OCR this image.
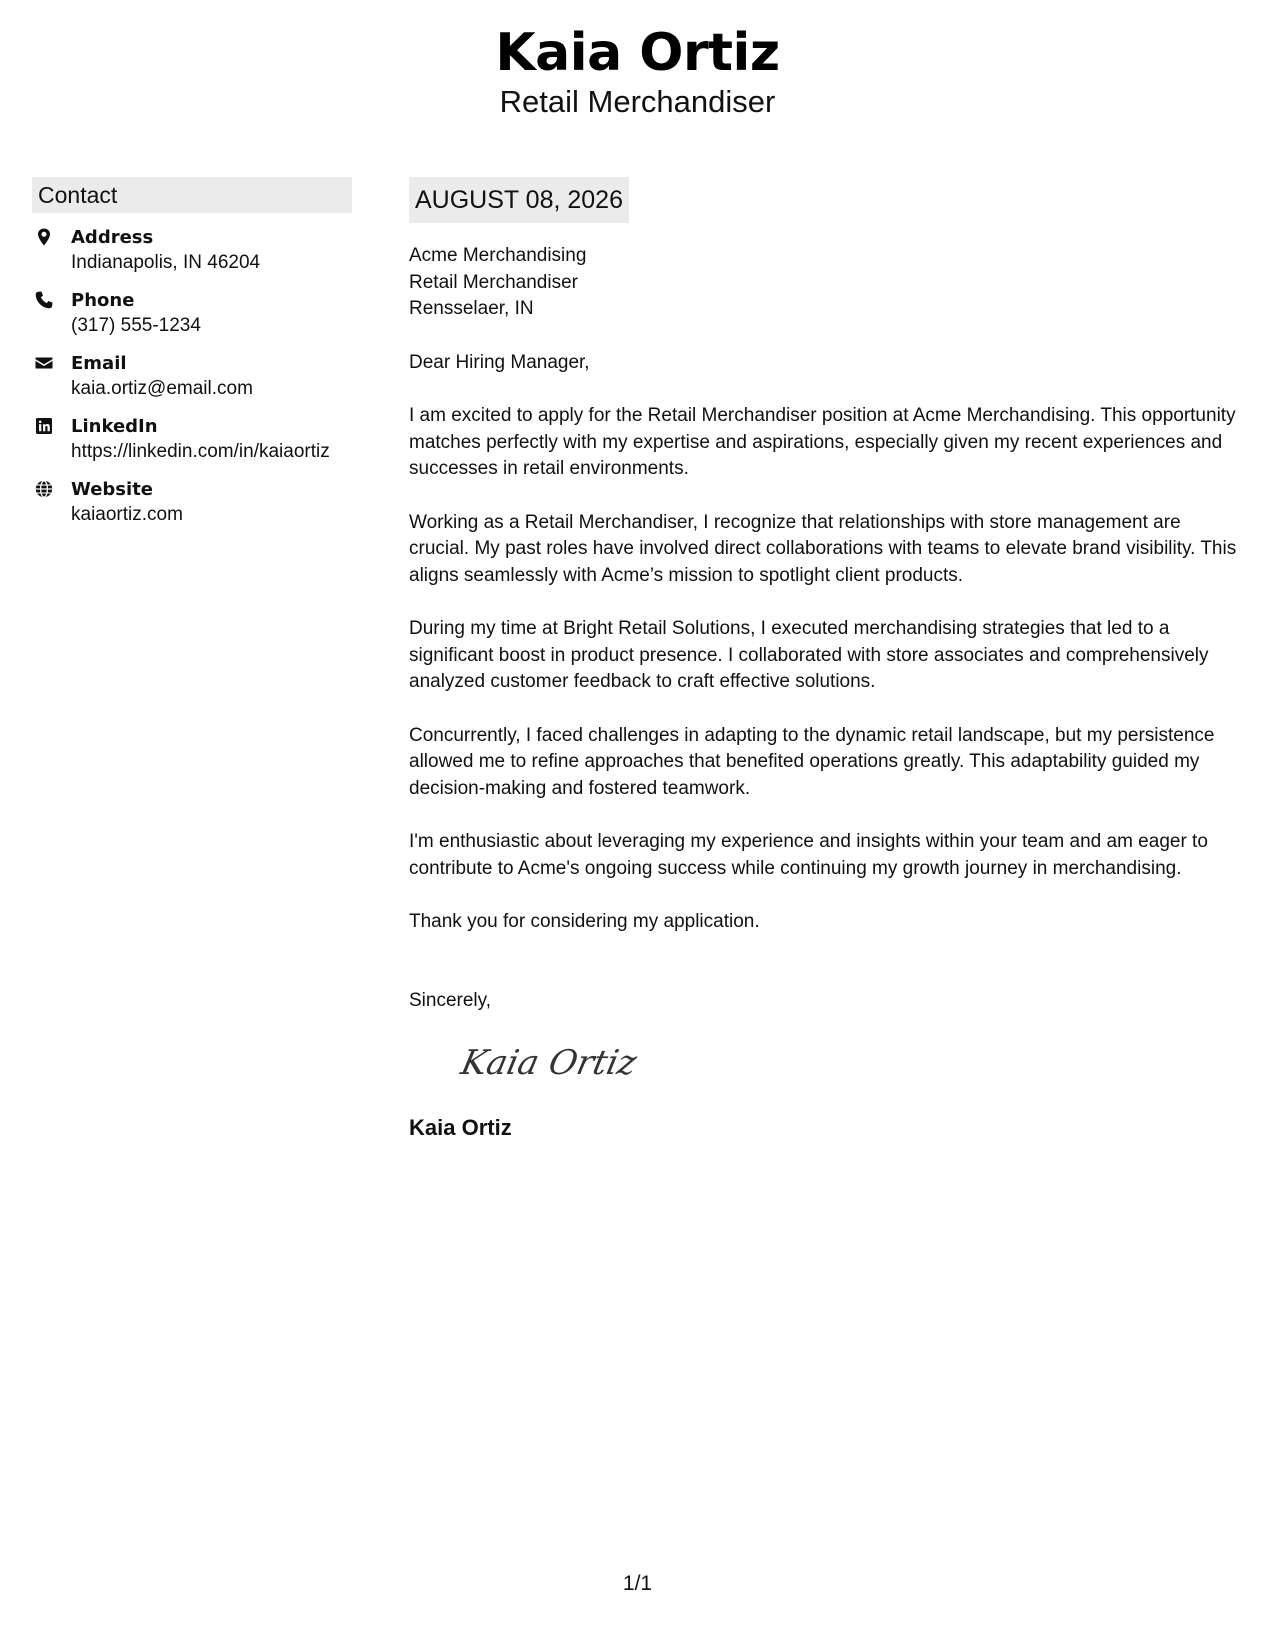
Kaia Ortiz
Retail Merchandiser
Contact
Address
Indianapolis, IN 46204
Phone
(317) 555-1234
Email
kaia.ortiz@email.com
LinkedIn
https://linkedin.com/in/kaiaortiz
Website
kaiaortiz.com
AUGUST 08, 2026
Acme Merchandising
Retail Merchandiser
Rensselaer, IN
Dear Hiring Manager,
I am excited to apply for the Retail Merchandiser position at Acme Merchandising. This opportunity matches perfectly with my expertise and aspirations, especially given my recent experiences and successes in retail environments.
Working as a Retail Merchandiser, I recognize that relationships with store management are crucial. My past roles have involved direct collaborations with teams to elevate brand visibility. This aligns seamlessly with Acme’s mission to spotlight client products.
During my time at Bright Retail Solutions, I executed merchandising strategies that led to a significant boost in product presence. I collaborated with store associates and comprehensively analyzed customer feedback to craft effective solutions.
Concurrently, I faced challenges in adapting to the dynamic retail landscape, but my persistence allowed me to refine approaches that benefited operations greatly. This adaptability guided my decision-making and fostered teamwork.
I'm enthusiastic about leveraging my experience and insights within your team and am eager to contribute to Acme's ongoing success while continuing my growth journey in merchandising.
Thank you for considering my application.
Sincerely,
Kaia Ortiz
Kaia Ortiz
1/1
